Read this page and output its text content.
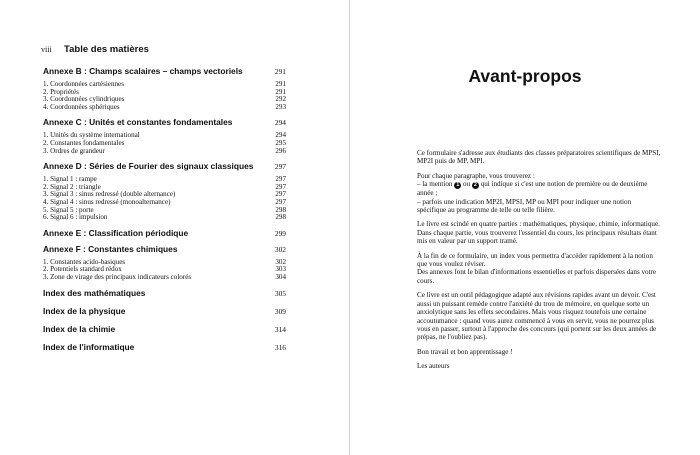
viii Table des matières
Annexe B : Champs scalaires – champs vectoriels	291
1. Coordonnées cartésiennes	291
2. Propriétés	291
3. Coordonnées cylindriques	292
4. Coordonnées sphériques	293
Annexe C : Unités et constantes fondamentales	294
1. Unités du système international	294
2. Constantes fondamentales	295
3. Ordres de grandeur	296
Annexe D : Séries de Fourier des signaux classiques	297
1. Signal 1 : rampe	297
2. Signal 2 : triangle	297
3. Signal 3 : sinus redressé (double alternance)	297
4. Signal 4 : sinus redressé (monoalternance)	297
5. Signal 5 : porte	298
6. Signal 6 : impulsion	298
Annexe E : Classification périodique	299
Annexe F : Constantes chimiques	302
1. Constantes acido-basiques	302
2. Potentiels standard rédox	303
3. Zone de virage des principaux indicateurs colorés	304
Index des mathématiques	305
Index de la physique	309
Index de la chimie	314
Index de l'informatique	316
Avant-propos

Ce formulaire s'adresse aux étudiants des classes préparatoires scientifiques de MPSI, MP2I puis de MP, MPI.

Pour chaque paragraphe, vous trouverez :
– la mention 1 ou 2 qui indique si c'est une notion de première ou de deuxième année ;
– parfois une indication MP2I, MPSI, MP ou MPI pour indiquer une notion spécifique au programme de telle ou telle filière.

Le livre est scindé en quatre parties : mathématiques, physique, chimie, informatique. Dans chaque partie, vous trouverez l'essentiel du cours, les principaux résultats étant mis en valeur par un support tramé.

À la fin de ce formulaire, un index vous permettra d'accéder rapidement à la notion que vous voulez réviser.
Des annexes font le bilan d'informations essentielles et parfois dispersées dans votre cours.

Ce livre est un outil pédagogique adapté aux révisions rapides avant un devoir. C'est aussi un puissant remède contre l'anxiété du trou de mémoire, en quelque sorte un anxiolytique sans les effets secondaires. Mais vous risquez toutefois une certaine accoutumance : quand vous aurez commencé à vous en servir, vous ne pourrez plus vous en passer, surtout à l'approche des concours (qui portent sur les deux années de prépas, ne l'oubliez pas).

Bon travail et bon apprentissage !

Les auteurs
